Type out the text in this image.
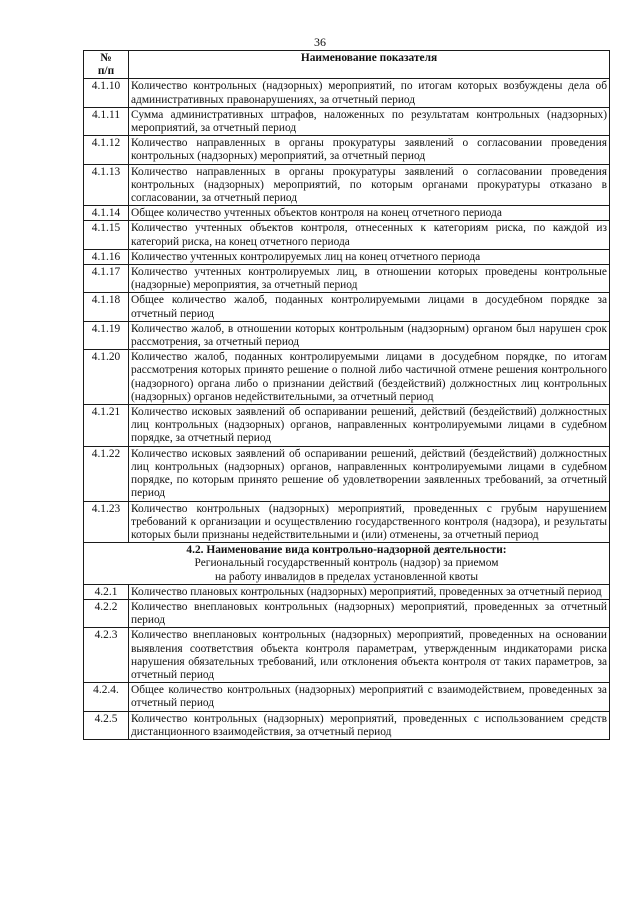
36
№
п/п	Наименование показателя
4.1.10	Количество контрольных (надзорных) мероприятий, по итогам которых возбуждены дела об административных правонарушениях, за отчетный период
4.1.11	Сумма административных штрафов, наложенных по результатам контрольных (надзорных) мероприятий, за отчетный период
4.1.12	Количество направленных в органы прокуратуры заявлений о согласовании проведения контрольных (надзорных) мероприятий, за отчетный период
4.1.13	Количество направленных в органы прокуратуры заявлений о согласовании проведения контрольных (надзорных) мероприятий, по которым органами прокуратуры отказано в согласовании, за отчетный период
4.1.14	Общее количество учтенных объектов контроля на конец отчетного периода
4.1.15	Количество учтенных объектов контроля, отнесенных к категориям риска, по каждой из категорий риска, на конец отчетного периода
4.1.16	Количество учтенных контролируемых лиц на конец отчетного периода
4.1.17	Количество учтенных контролируемых лиц, в отношении которых проведены контрольные (надзорные) мероприятия, за отчетный период
4.1.18	Общее количество жалоб, поданных контролируемыми лицами в досудебном порядке за отчетный период
4.1.19	Количество жалоб, в отношении которых контрольным (надзорным) органом был нарушен срок рассмотрения, за отчетный период
4.1.20	Количество жалоб, поданных контролируемыми лицами в досудебном порядке, по итогам рассмотрения которых принято решение о полной либо частичной отмене решения контрольного (надзорного) органа либо о признании действий (бездействий) должностных лиц контрольных (надзорных) органов недействительными, за отчетный период
4.1.21	Количество исковых заявлений об оспаривании решений, действий (бездействий) должностных лиц контрольных (надзорных) органов, направленных контролируемыми лицами в судебном порядке, за отчетный период
4.1.22	Количество исковых заявлений об оспаривании решений, действий (бездействий) должностных лиц контрольных (надзорных) органов, направленных контролируемыми лицами в судебном порядке, по которым принято решение об удовлетворении заявленных требований, за отчетный период
4.1.23	Количество контрольных (надзорных) мероприятий, проведенных с грубым нарушением требований к организации и осуществлению государственного контроля (надзора), и результаты которых были признаны недействительными и (или) отменены, за отчетный период

4.2. Наименование вида контрольно-надзорной деятельности:
Региональный государственный контроль (надзор) за приемом
на работу инвалидов в пределах установленной квоты	

4.2.1	Количество плановых контрольных (надзорных) мероприятий, проведенных за отчетный период
4.2.2	Количество внеплановых контрольных (надзорных) мероприятий, проведенных за отчетный период
4.2.3	Количество внеплановых контрольных (надзорных) мероприятий, проведенных на основании выявления соответствия объекта контроля параметрам, утвержденным индикаторами риска нарушения обязательных требований, или отклонения объекта контроля от таких параметров, за отчетный период
4.2.4.	Общее количество контрольных (надзорных) мероприятий с взаимодействием, проведенных за отчетный период
4.2.5	Количество контрольных (надзорных) мероприятий, проведенных с использованием средств дистанционного взаимодействия, за отчетный период
